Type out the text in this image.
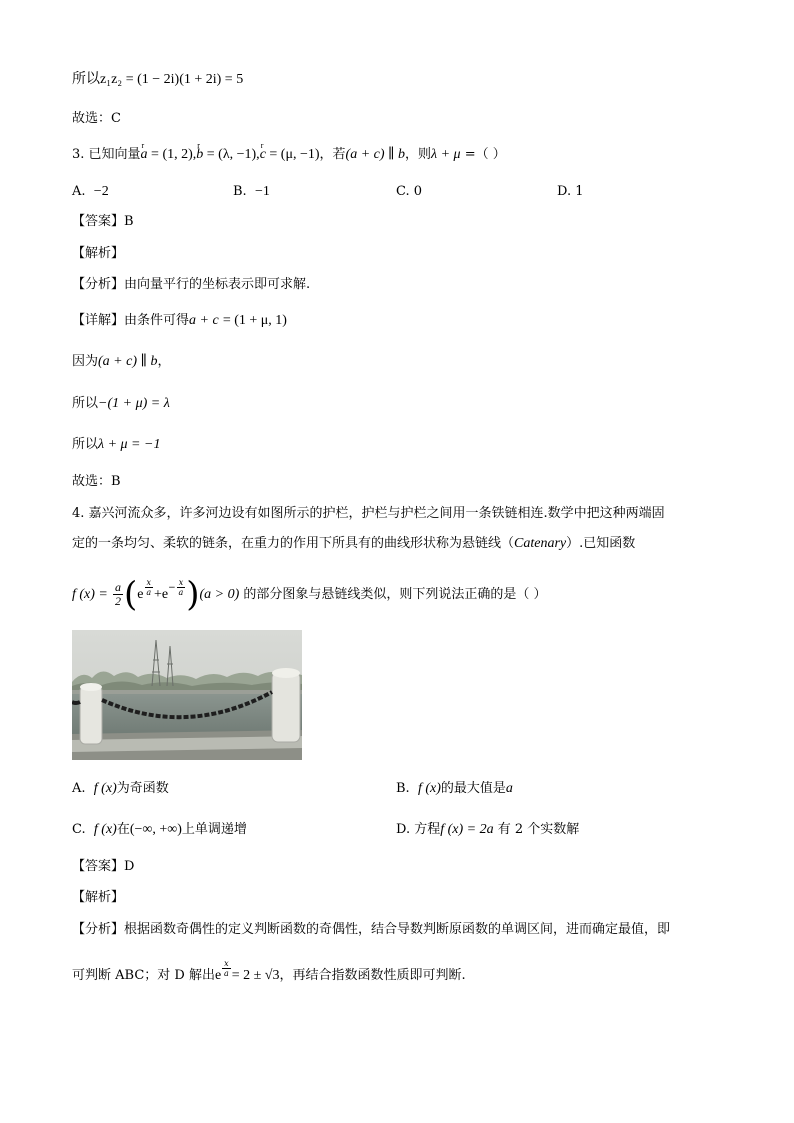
所以z₁z₂ = (1 − 2i)(1 + 2i) = 5
故选：C
3. 已知向量r a = (1, 2),r b = (λ, −1),r c = (μ, −1)，若(a + c) ∥ b，则λ + μ =（ ）
A. −2	B. −1	C. 0	D. 1
【答案】B
【解析】
【分析】由向量平行的坐标表示即可求解.
【详解】由条件可得a + c = (1 + μ, 1)
因为(a + c) ∥ b，
所以−(1 + μ) = λ
所以λ + μ = −1
故选：B
4. 嘉兴河流众多，许多河边设有如图所示的护栏，护栏与护栏之间用一条铁链相连.数学中把这种两端固
定的一条均匀、柔软的链条，在重力的作用下所具有的曲线形状称为悬链线（Catenary）.已知函数
f $(x) = \frac{a}{2} (e$ $^{\frac{x}{a}} +e^{- \frac{x}{a}}$ )(a > 0) 的部分图象与悬链线类似，则下列说法正确的是（ ）
A. f (x)为奇函数	B. f (x)的最大值是a
C. f (x)在(−∞, +∞)上单调递增	D. 方程f (x) = 2a 有 2 个实数解
【答案】D
【解析】
【分析】根据函数奇偶性的定义判断函数的奇偶性，结合导数判断原函数的单调区间，进而确定最值，即
可判断 ABC；对 D 解出e $^{\frac{x}{a}}$ = 2 ± √3，再结合指数函数性质即可判断.
